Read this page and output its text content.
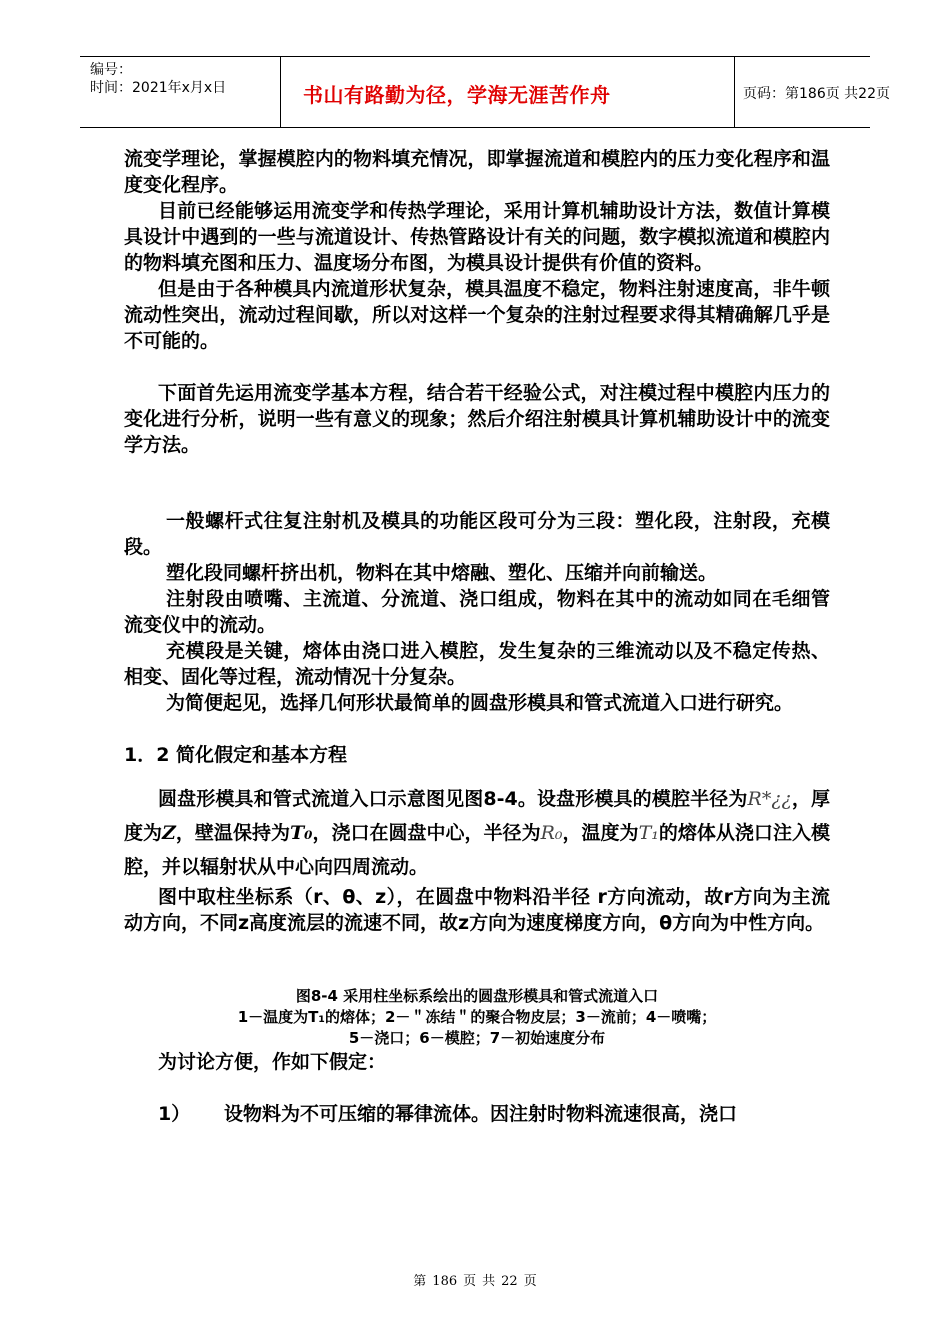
编号：
时间：2021年x月x日	书山有路勤为径，学海无涯苦作舟	页码：第186页 共22页

流变学理论，掌握模腔内的物料填充情况，即掌握流道和模腔内的压力变化程序和温度变化程序。

目前已经能够运用流变学和传热学理论，采用计算机辅助设计方法，数值计算模具设计中遇到的一些与流道设计、传热管路设计有关的问题，数字模拟流道和模腔内的物料填充图和压力、温度场分布图，为模具设计提供有价值的资料。

但是由于各种模具内流道形状复杂，模具温度不稳定，物料注射速度高，非牛顿流动性突出，流动过程间歇，所以对这样一个复杂的注射过程要求得其精确解几乎是不可能的。

下面首先运用流变学基本方程，结合若干经验公式，对注模过程中模腔内压力的变化进行分析，说明一些有意义的现象；然后介绍注射模具计算机辅助设计中的流变学方法。

一般螺杆式往复注射机及模具的功能区段可分为三段：塑化段，注射段，充模段。

塑化段同螺杆挤出机，物料在其中熔融、塑化、压缩并向前输送。

注射段由喷嘴、主流道、分流道、浇口组成，物料在其中的流动如同在毛细管流变仪中的流动。

充模段是关键，熔体由浇口进入模腔，发生复杂的三维流动以及不稳定传热、相变、固化等过程，流动情况十分复杂。

为简便起见，选择几何形状最简单的圆盘形模具和管式流道入口进行研究。

1．2 简化假定和基本方程

圆盘形模具和管式流道入口示意图见图8-4。设盘形模具的模腔半径为R*¿¿，厚度为Z，壁温保持为T₀，浇口在圆盘中心，半径为R₀，温度为T₁的熔体从浇口注入模腔，并以辐射状从中心向四周流动。

图中取柱坐标系（r、θ、z），在圆盘中物料沿半径 r方向流动，故r方向为主流动方向，不同z高度流层的流速不同，故z方向为速度梯度方向，θ方向为中性方向。

图8-4 采用柱坐标系绘出的圆盘形模具和管式流道入口

1－温度为T₁的熔体；2－＂冻结＂的聚合物皮层；3－流前；4－喷嘴；

5－浇口；6－模腔；7－初始速度分布

为讨论方便，作如下假定：

1）	设物料为不可压缩的幂律流体。因注射时物料流速很高，浇口
第 186 页 共 22 页
